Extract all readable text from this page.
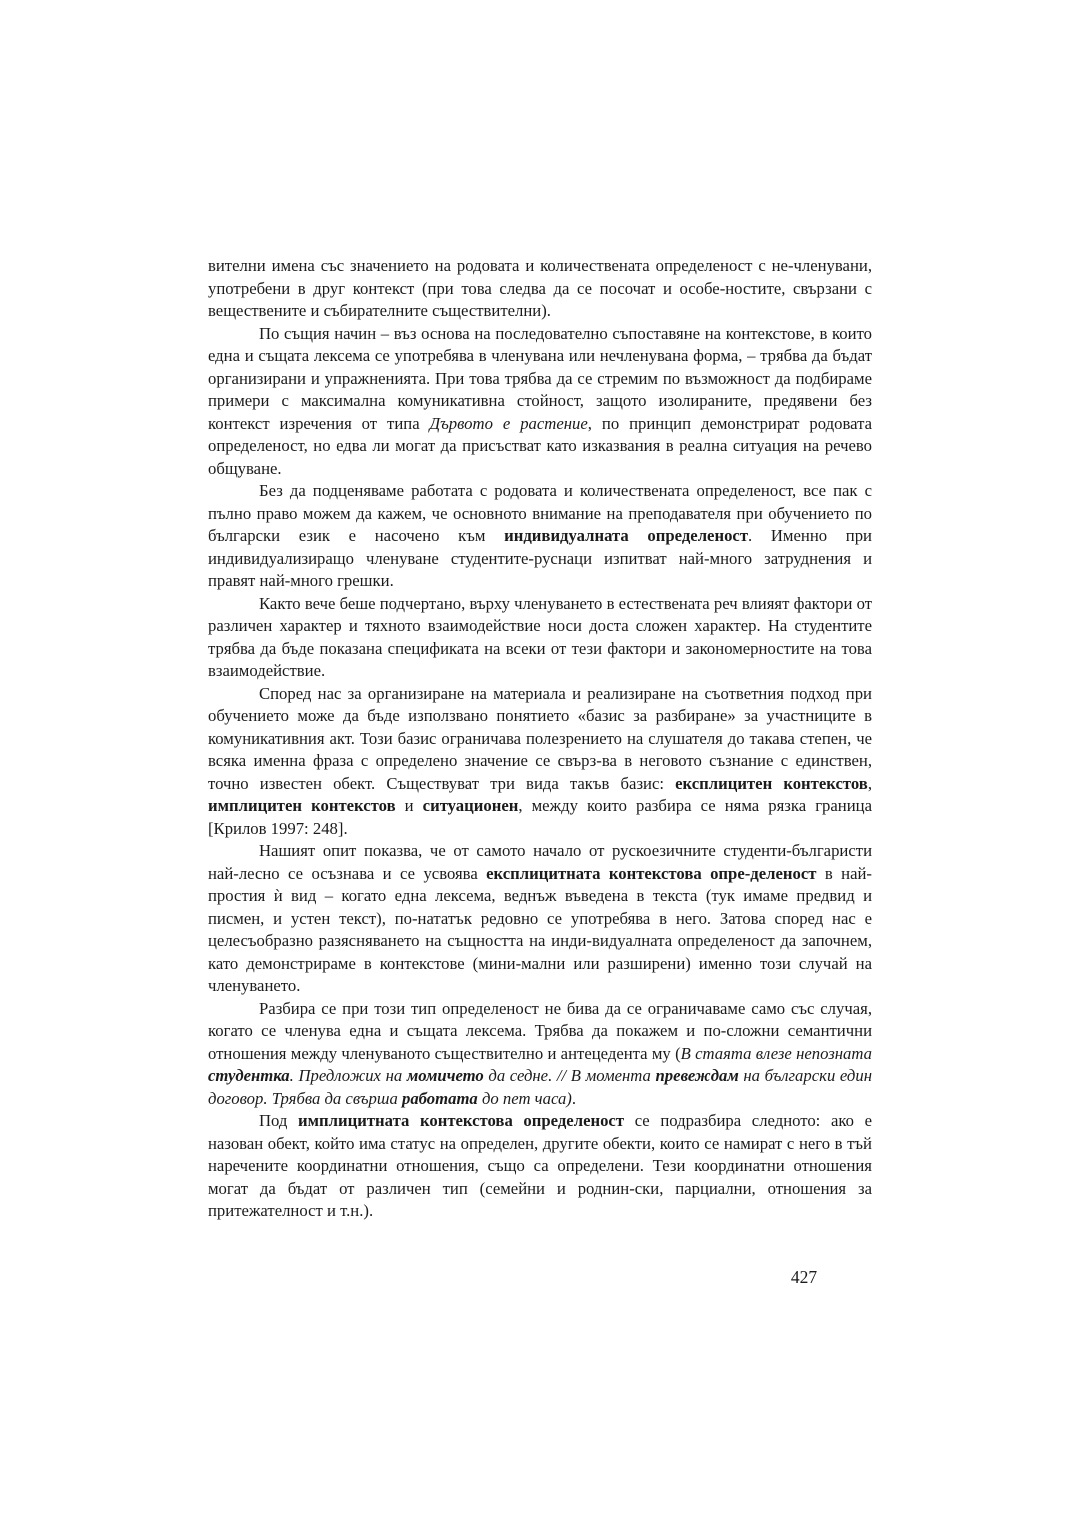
вителни имена със значението на родовата и количествената определеност с не-членувани, употребени в друг контекст (при това следва да се посочат и особе-ностите, свързани с веществените и събирателните съществителни).

По същия начин – въз основа на последователно съпоставяне на контекстове, в които една и същата лексема се употребява в членувана или нечленувана форма, – трябва да бъдат организирани и упражненията. При това трябва да се стремим по възможност да подбираме примери с максимална комуникативна стойност, защото изолираните, предявени без контекст изречения от типа Дървото е растение, по принцип демонстрират родовата определеност, но едва ли могат да присъстват като изказвания в реална ситуация на речево общуване.

Без да подценяваме работата с родовата и количествената определеност, все пак с пълно право можем да кажем, че основното внимание на преподавателя при обучението по български език е насочено към индивидуалната определеност. Именно при индивидуализиращо членуване студентите-руснаци изпитват най-много затруднения и правят най-много грешки.

Както вече беше подчертано, върху членуването в естествената реч влияят фактори от различен характер и тяхното взаимодействие носи доста сложен характер. На студентите трябва да бъде показана спецификата на всеки от тези фактори и закономерностите на това взаимодействие.

Според нас за организиране на материала и реализиране на съответния подход при обучението може да бъде използвано понятието «базис за разбиране» за участниците в комуникативния акт. Този базис ограничава полезрението на слушателя до такава степен, че всяка именна фраза с определено значение се свърз-ва в неговото съзнание с единствен, точно известен обект. Съществуват три вида такъв базис: експлицитен контекстов, имплицитен контекстов и ситуационен, между които разбира се няма рязка граница [Крилов 1997: 248].

Нашият опит показва, че от самото начало от рускоезичните студенти-българисти най-лесно се осъзнава и се усвоява експлицитната контекстова опре-деленост в най-простия ѝ вид – когато една лексема, веднъж въведена в текста (тук имаме предвид и писмен, и устен текст), по-нататък редовно се употребява в него. Затова според нас е целесъобразно разясняването на същността на инди-видуалната определеност да започнем, като демонстрираме в контекстове (мини-мални или разширени) именно този случай на членуването.

Разбира се при този тип определеност не бива да се ограничаваме само със случая, когато се членува една и същата лексема. Трябва да покажем и по-сложни семантични отношения между членуваното съществително и антецедента му (В стаята влезе непозната студентка. Предложих на момичето да седне. // В момента превеждам на български един договор. Трябва да свърша работата до пет часа).

Под имплицитната контекстова определеност се подразбира следното: ако е назован обект, който има статус на определен, другите обекти, които се намират с него в тъй наречените координатни отношения, също са определени. Тези координатни отношения могат да бъдат от различен тип (семейни и роднин-ски, парциални, отношения за притежателност и т.н.).

427
